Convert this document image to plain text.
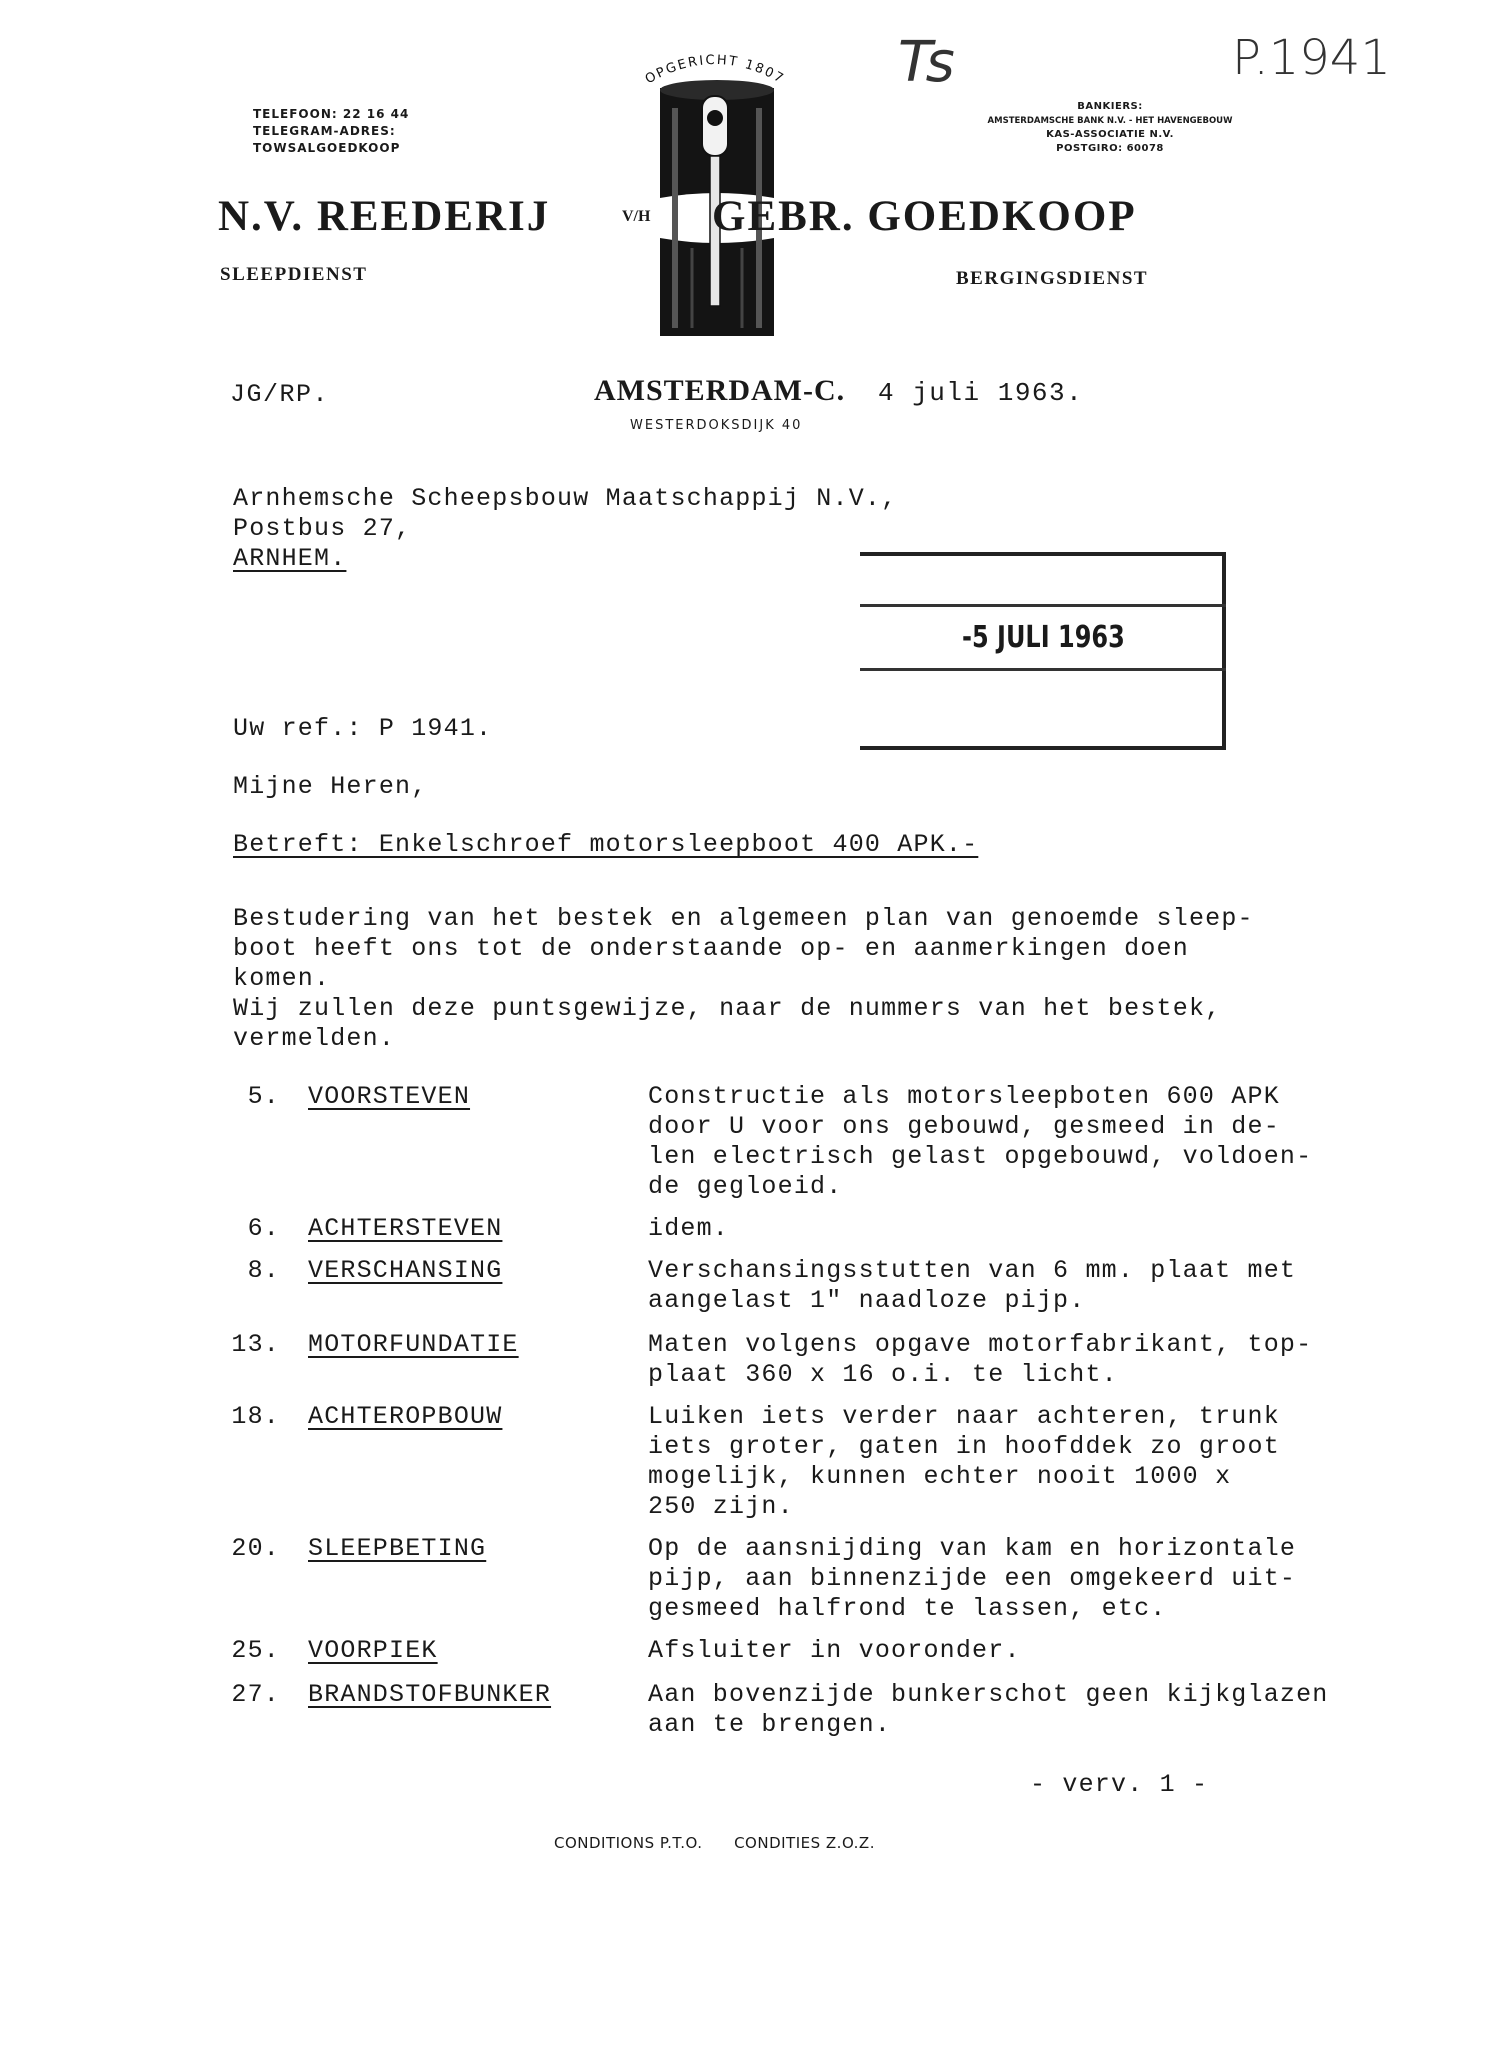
TELEFOON: 22 16 44
TELEGRAM-ADRES:
TOWSALGOEDKOOP
OPGERICHT 1807 Ts	P.1941
BANKIERS:
AMSTERDAMSCHE BANK N.V. - HET HAVENGEBOUW
KAS-ASSOCIATIE N.V.
POSTGIRO: 60078
N.V. REEDERIJ	V/H GEBR. GOEDKOOP
SLEEPDIENST	BERGINGSDIENST
JG/RP.	AMSTERDAM-C. 4 juli 1963.
WESTERDOKSDIJK 40
Arnhemsche Scheepsbouw Maatschappij N.V.,
Postbus 27,
ARNHEM.
-5 JULI 1963
Uw ref.: P 1941.
Mijne Heren,
Betreft: Enkelschroef motorsleepboot 400 APK.-
Bestudering van het bestek en algemeen plan van genoemde sleep-
boot heeft ons tot de onderstaande op- en aanmerkingen doen
komen.
Wij zullen deze puntsgewijze, naar de nummers van het bestek,
vermelden.
5. VOORSTEVEN	Constructie als motorsleepboten 600 APK
door U voor ons gebouwd, gesmeed in de-
len electrisch gelast opgebouwd, voldoen-
de gegloeid.
6. ACHTERSTEVEN	idem.
8. VERSCHANSING	Verschansingsstutten van 6 mm. plaat met
aangelast 1" naadloze pijp.
13. MOTORFUNDATIE	Maten volgens opgave motorfabrikant, top-
plaat 360 x 16 o.i. te licht.
18. ACHTEROPBOUW	Luiken iets verder naar achteren, trunk
iets groter, gaten in hoofddek zo groot
mogelijk, kunnen echter nooit 1000 x
250 zijn.
20. SLEEPBETING	Op de aansnijding van kam en horizontale
pijp, aan binnenzijde een omgekeerd uit-
gesmeed halfrond te lassen, etc.
25. VOORPIEK	Afsluiter in vooronder.
27. BRANDSTOFBUNKER	Aan bovenzijde bunkerschot geen kijkglazen
aan te brengen.
- verv. 1 -
CONDITIONS P.T.O.      CONDITIES Z.O.Z.
